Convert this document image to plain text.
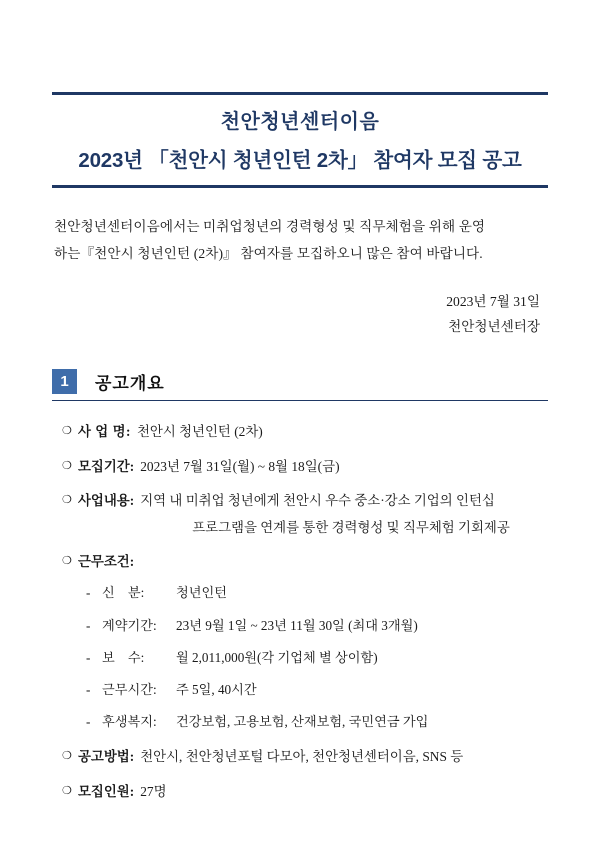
천안청년센터이음
2023년 「천안시 청년인턴 2차」 참여자 모집 공고
천안청년센터이음에서는 미취업청년의 경력형성 및 직무체험을 위해 운영
하는『천안시 청년인턴 (2차)』 참여자를 모집하오니 많은 참여 바랍니다.
2023년 7월 31일
천안청년센터장
1	공고개요
❍ 사 업 명: 천안시 청년인턴 (2차)
❍ 모집기간: 2023년 7월 31일(월) ~ 8월 18일(금)
❍ 사업내용: 지역 내 미취업 청년에게 천안시 우수 중소·강소 기업의 인턴십
프로그램을 연계를 통한 경력형성 및 직무체험 기회제공
❍ 근무조건:
- 신    분:	청년인턴
- 계약기간:	23년 9월 1일 ~ 23년 11월 30일 (최대 3개월)
- 보    수:	월 2,011,000원(각 기업체 별 상이함)
- 근무시간:	주 5일, 40시간
- 후생복지:	건강보험, 고용보험, 산재보험, 국민연금 가입
❍ 공고방법: 천안시, 천안청년포털 다모아, 천안청년센터이음, SNS 등
❍ 모집인원: 27명
